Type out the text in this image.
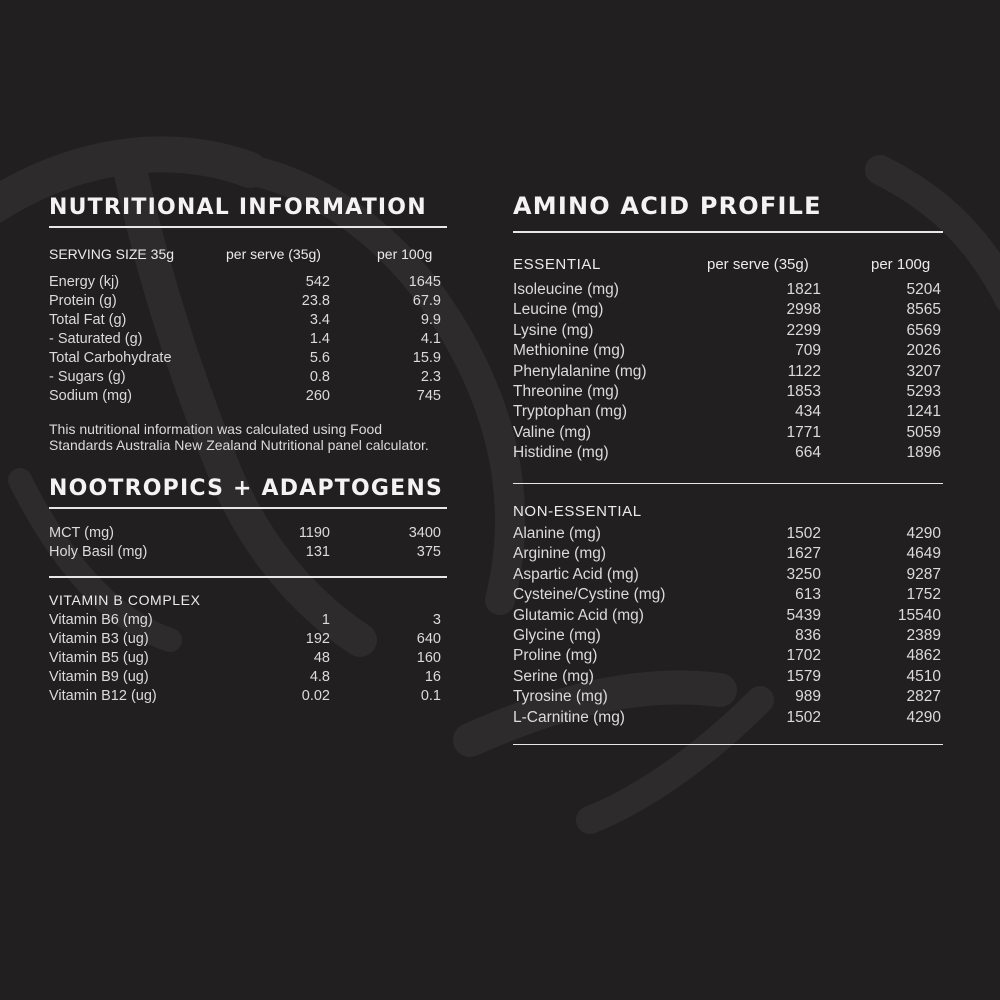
NUTRITIONAL INFORMATION
SERVING SIZE 35g	per serve (35g)	per 100g
Energy (kj)	542	1645
Protein (g)	23.8	67.9
Total Fat (g)	3.4	9.9
- Saturated (g)	1.4	4.1
Total Carbohydrate	5.6	15.9
- Sugars (g)	0.8	2.3
Sodium (mg)	260	745
This nutritional information was calculated using Food Standards Australia New Zealand Nutritional panel calculator.
NOOTROPICS + ADAPTOGENS
MCT (mg)	1190	3400
Holy Basil (mg)	131	375
VITAMIN B COMPLEX
Vitamin B6 (mg)	1	3
Vitamin B3 (ug)	192	640
Vitamin B5 (ug)	48	160
Vitamin B9 (ug)	4.8	16
Vitamin B12 (ug)	0.02	0.1
AMINO ACID PROFILE
ESSENTIAL	per serve (35g)	per 100g
Isoleucine (mg)	1821	5204
Leucine (mg)	2998	8565
Lysine (mg)	2299	6569
Methionine (mg)	709	2026
Phenylalanine (mg)	1122	3207
Threonine (mg)	1853	5293
Tryptophan (mg)	434	1241
Valine (mg)	1771	5059
Histidine (mg)	664	1896
NON-ESSENTIAL
Alanine (mg)	1502	4290
Arginine (mg)	1627	4649
Aspartic Acid (mg)	3250	9287
Cysteine/Cystine (mg)	613	1752
Glutamic Acid (mg)	5439	15540
Glycine (mg)	836	2389
Proline (mg)	1702	4862
Serine (mg)	1579	4510
Tyrosine (mg)	989	2827
L-Carnitine (mg)	1502	4290
